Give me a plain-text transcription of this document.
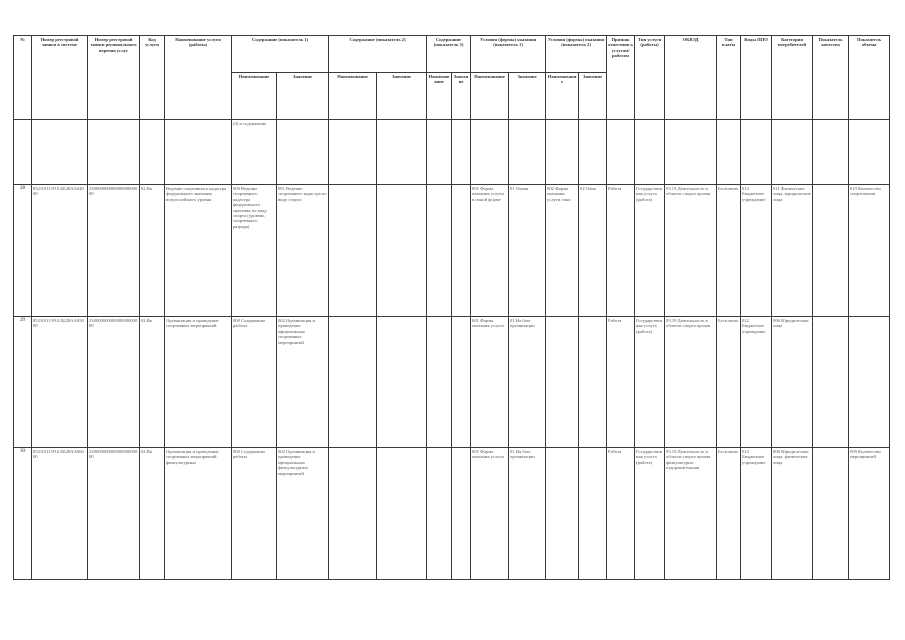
№	Номер реестровой записи в системе	Номер реестровой записи регионального перечня услуг	Код услуги	Наименование услуги (работы)	Содержание (показатель 1)		Содержание (показатель 2)		Содержание (показатель 3)		Условия (формы) оказания (показатель 1)		Условия (формы) оказания (показатель 2)		Признак отнесения к услугам/работам	Тип услуги (работы)	ОКВЭД	Тип платы	Виды ППО	Категории потребителей	Показатель качества	Показатель объема
					Наименование	Значение	Наименование	Значение	Наименование	Значение	Наименование	Значение	Наименование	Значение								
					(4) и содержание																	
28	852101О.99.0.ББ28АА04000	23000000000000000000000	02.Вк	Ведение спортивного кадастра федерального значения всероссийского уровня	000 Ведение спортивного кадастра федерального значения по виду спорта (уровень спортивного разряда)	001 Ведение спортивного кадастра по виду спорта					001 Форма оказания услуги в очной форме	01 Очная	002 Форма оказания услуги очно	02 Очно	Работа	Государственная услуга (работа)	93.19 Деятельность в области спорта прочая	Бесплатно	012 Бюджетное учреждение	011 Физические лица, юридические лица		019 Количество спортсменов
29	852101О.99.0.ББ28АА05000	23000000000000000000000	02.Вк	Организация и проведение спортивных мероприятий	000 Содержание работы	002 Организация и проведение официальных спортивных мероприятий					001 Форма оказания услуги	01 На базе организации			Работа	Государственная услуга (работа)	93.19 Деятельность в области спорта прочая	Бесплатно	012 Бюджетное учреждение	006 Юридические лица		
30	852101О.99.0.ББ28АА06000	23000000000000000000000	02.Вк	Организация и проведение спортивных мероприятий физкультурных	000 Содержание работы	002 Организация и проведение официальных физкультурных мероприятий					001 Форма оказания услуги	01 На базе организации			Работа	Государственная услуга (работа)	93.19 Деятельность в области спорта прочая физкультурно-оздоровительная	Бесплатно	012 Бюджетное учреждение	006 Юридические лица, физические лица		009 Количество мероприятий
